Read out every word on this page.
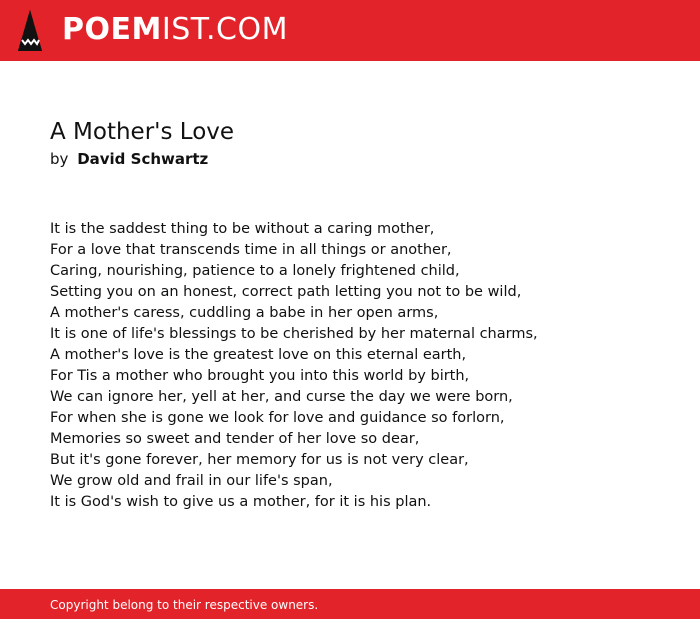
POEMIST.COM
A Mother's Love
by David Schwartz
It is the saddest thing to be without a caring mother,
For a love that transcends time in all things or another,
Caring, nourishing, patience to a lonely frightened child,
Setting you on an honest, correct path letting you not to be wild,
A mother's caress, cuddling a babe in her open arms,
It is one of life's blessings to be cherished by her maternal charms,
A mother's love is the greatest love on this eternal earth,
For Tis a mother who brought you into this world by birth,
We can ignore her, yell at her, and curse the day we were born,
For when she is gone we look for love and guidance so forlorn,
Memories so sweet and tender of her love so dear,
But it's gone forever, her memory for us is not very clear,
We grow old and frail in our life's span,
It is God's wish to give us a mother, for it is his plan.
Copyright belong to their respective owners.
